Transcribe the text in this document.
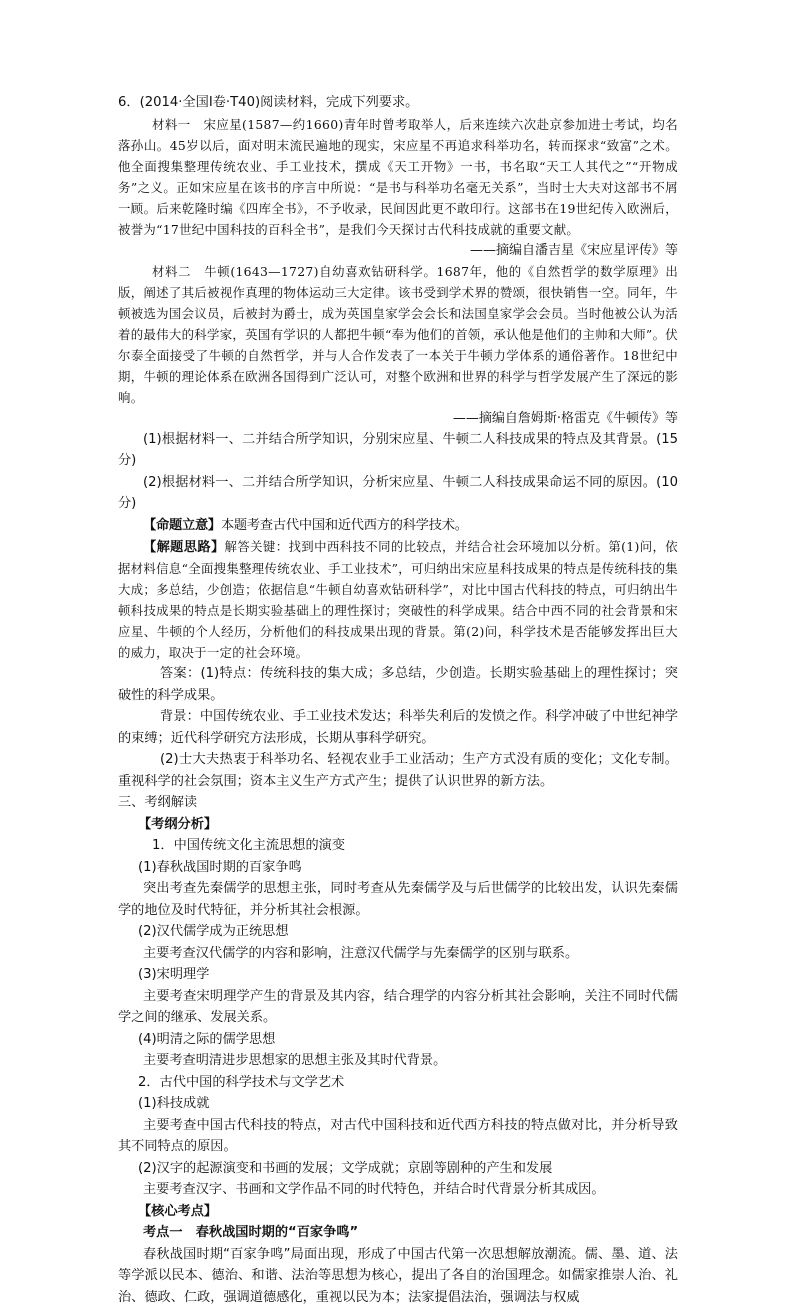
6．(2014·全国Ⅰ卷·T40)阅读材料，完成下列要求。

材料一　 宋应星(1587—约1660)青年时曾考取举人，后来连续六次赴京参加进士考试，均名落孙山。45岁以后，面对明末流民遍地的现实，宋应星不再追求科举功名，转而探求“致富”之术。他全面搜集整理传统农业、手工业技术，撰成《天工开物》一书，书名取“天工人其代之”“开物成务”之义。正如宋应星在该书的序言中所说：“是书与科举功名毫无关系”，当时士大夫对这部书不屑一顾。后来乾隆时编《四库全书》，不予收录，民间因此更不敢印行。这部书在19世纪传入欧洲后，被誉为“17世纪中国科技的百科全书”，是我们今天探讨古代科技成就的重要文献。

——摘编自潘吉星《宋应星评传》等

材料二　 牛顿(1643—1727)自幼喜欢钻研科学。1687年，他的《自然哲学的数学原理》出版，阐述了其后被视作真理的物体运动三大定律。该书受到学术界的赞颂，很快销售一空。同年，牛顿被选为国会议员，后被封为爵士，成为英国皇家学会会长和法国皇家学会会员。当时他被公认为活着的最伟大的科学家，英国有学识的人都把牛顿“奉为他们的首领，承认他是他们的主帅和大师”。伏尔泰全面接受了牛顿的自然哲学，并与人合作发表了一本关于牛顿力学体系的通俗著作。18世纪中期，牛顿的理论体系在欧洲各国得到广泛认可，对整个欧洲和世界的科学与哲学发展产生了深远的影响。

——摘编自詹姆斯·格雷克《牛顿传》等

(1)根据材料一、二并结合所学知识，分别宋应星、牛顿二人科技成果的特点及其背景。(15分)

(2)根据材料一、二并结合所学知识，分析宋应星、牛顿二人科技成果命运不同的原因。(10分)

【命题立意】本题考查古代中国和近代西方的科学技术。

【解题思路】解答关键：找到中西科技不同的比较点，并结合社会环境加以分析。第(1)问，依据材料信息“全面搜集整理传统农业、手工业技术”，可归纳出宋应星科技成果的特点是传统科技的集大成；多总结，少创造；依据信息“牛顿自幼喜欢钻研科学”，对比中国古代科技的特点，可归纳出牛顿科技成果的特点是长期实验基础上的理性探讨；突破性的科学成果。结合中西不同的社会背景和宋应星、牛顿的个人经历，分析他们的科技成果出现的背景。第(2)问，科学技术是否能够发挥出巨大的威力，取决于一定的社会环境。

答案：(1)特点：传统科技的集大成；多总结，少创造。长期实验基础上的理性探讨；突破性的科学成果。

背景：中国传统农业、手工业技术发达；科举失利后的发愤之作。科学冲破了中世纪神学的束缚；近代科学研究方法形成，长期从事科学研究。

(2)士大夫热衷于科举功名、轻视农业手工业活动；生产方式没有质的变化；文化专制。重视科学的社会氛围；资本主义生产方式产生；提供了认识世界的新方法。

三、考纲解读

【考纲分析】

1．中国传统文化主流思想的演变

(1)春秋战国时期的百家争鸣

突出考查先秦儒学的思想主张，同时考查从先秦儒学及与后世儒学的比较出发，认识先秦儒学的地位及时代特征，并分析其社会根源。

(2)汉代儒学成为正统思想

主要考查汉代儒学的内容和影响，注意汉代儒学与先秦儒学的区别与联系。

(3)宋明理学

主要考查宋明理学产生的背景及其内容，结合理学的内容分析其社会影响，关注不同时代儒学之间的继承、发展关系。

(4)明清之际的儒学思想

主要考查明清进步思想家的思想主张及其时代背景。

2．古代中国的科学技术与文学艺术

(1)科技成就

主要考查中国古代科技的特点，对古代中国科技和近代西方科技的特点做对比，并分析导致其不同特点的原因。

(2)汉字的起源演变和书画的发展；文学成就；京剧等剧种的产生和发展

主要考查汉字、书画和文学作品不同的时代特色，并结合时代背景分析其成因。

【核心考点】

考点一　春秋战国时期的“百家争鸣”

春秋战国时期“百家争鸣”局面出现，形成了中国古代第一次思想解放潮流。儒、墨、道、法等学派以民本、德治、和谐、法治等思想为核心，提出了各自的治国理念。如儒家推崇人治、礼治、德政、仁政，强调道德感化，重视以民为本；法家提倡法治，强调法与权威
